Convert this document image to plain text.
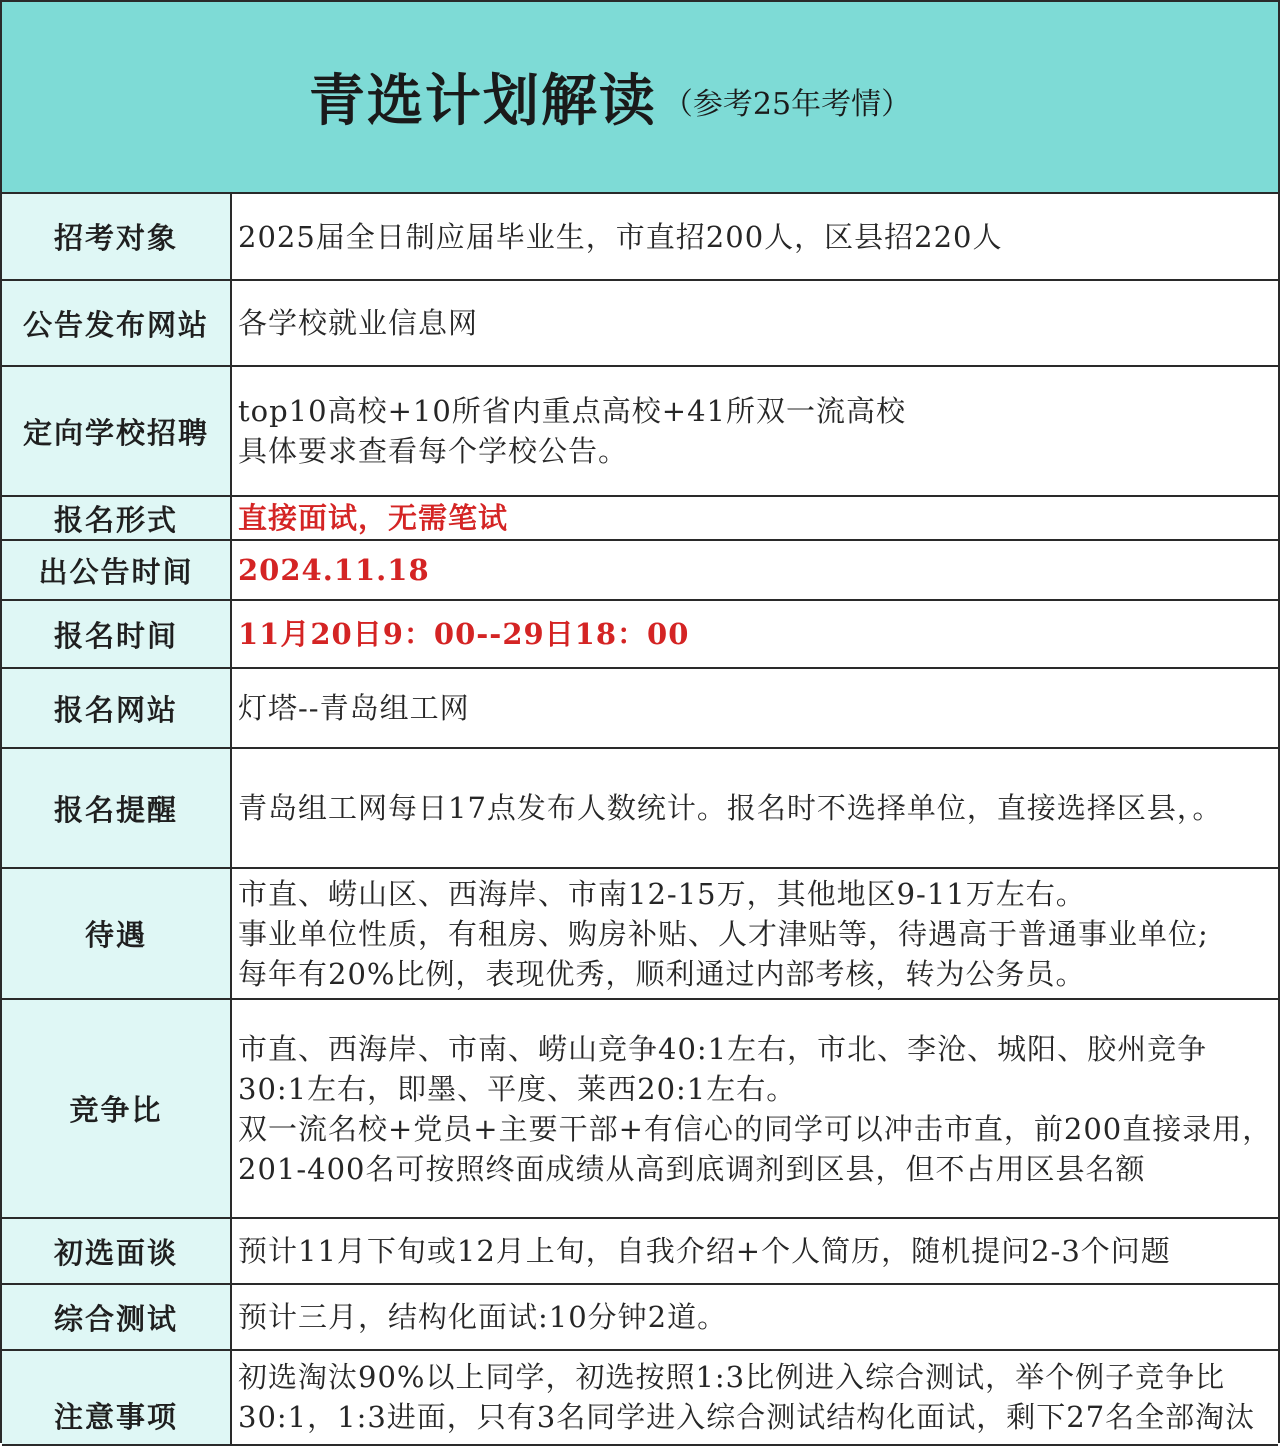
青选计划解读 （参考25年考情）
招考对象	2025届全日制应届毕业生，市直招200人，区县招220人

公告发布网站	各学校就业信息网

定向学校招聘	top10高校+10所省内重点高校+41所双一流高校
具体要求查看每个学校公告。

报名形式	直接面试，无需笔试

出公告时间	2024.11.18

报名时间	11月20日9：00--29日18：00

报名网站	灯塔--青岛组工网

报名提醒	青岛组工网每日17点发布人数统计。报名时不选择单位，直接选择区县，。

待遇	市直、崂山区、西海岸、市南12-15万，其他地区9-11万左右。
事业单位性质，有租房、购房补贴、人才津贴等，待遇高于普通事业单位;
每年有20%比例，表现优秀，顺利通过内部考核，转为公务员。

竞争比	市直、西海岸、市南、崂山竞争40:1左右，市北、李沧、城阳、胶州竞争
30:1左右，即墨、平度、莱西20:1左右。
双一流名校+党员+主要干部+有信心的同学可以冲击市直，前200直接录用，
201-400名可按照终面成绩从高到底调剂到区县，但不占用区县名额

初选面谈	预计11月下旬或12月上旬，自我介绍+个人简历，随机提问2-3个问题

综合测试	预计三月，结构化面试:10分钟2道。

注意事项	初选淘汰90%以上同学，初选按照1:3比例进入综合测试，举个例子竞争比
30:1，1:3进面，只有3名同学进入综合测试结构化面试，剩下27名全部淘汰
